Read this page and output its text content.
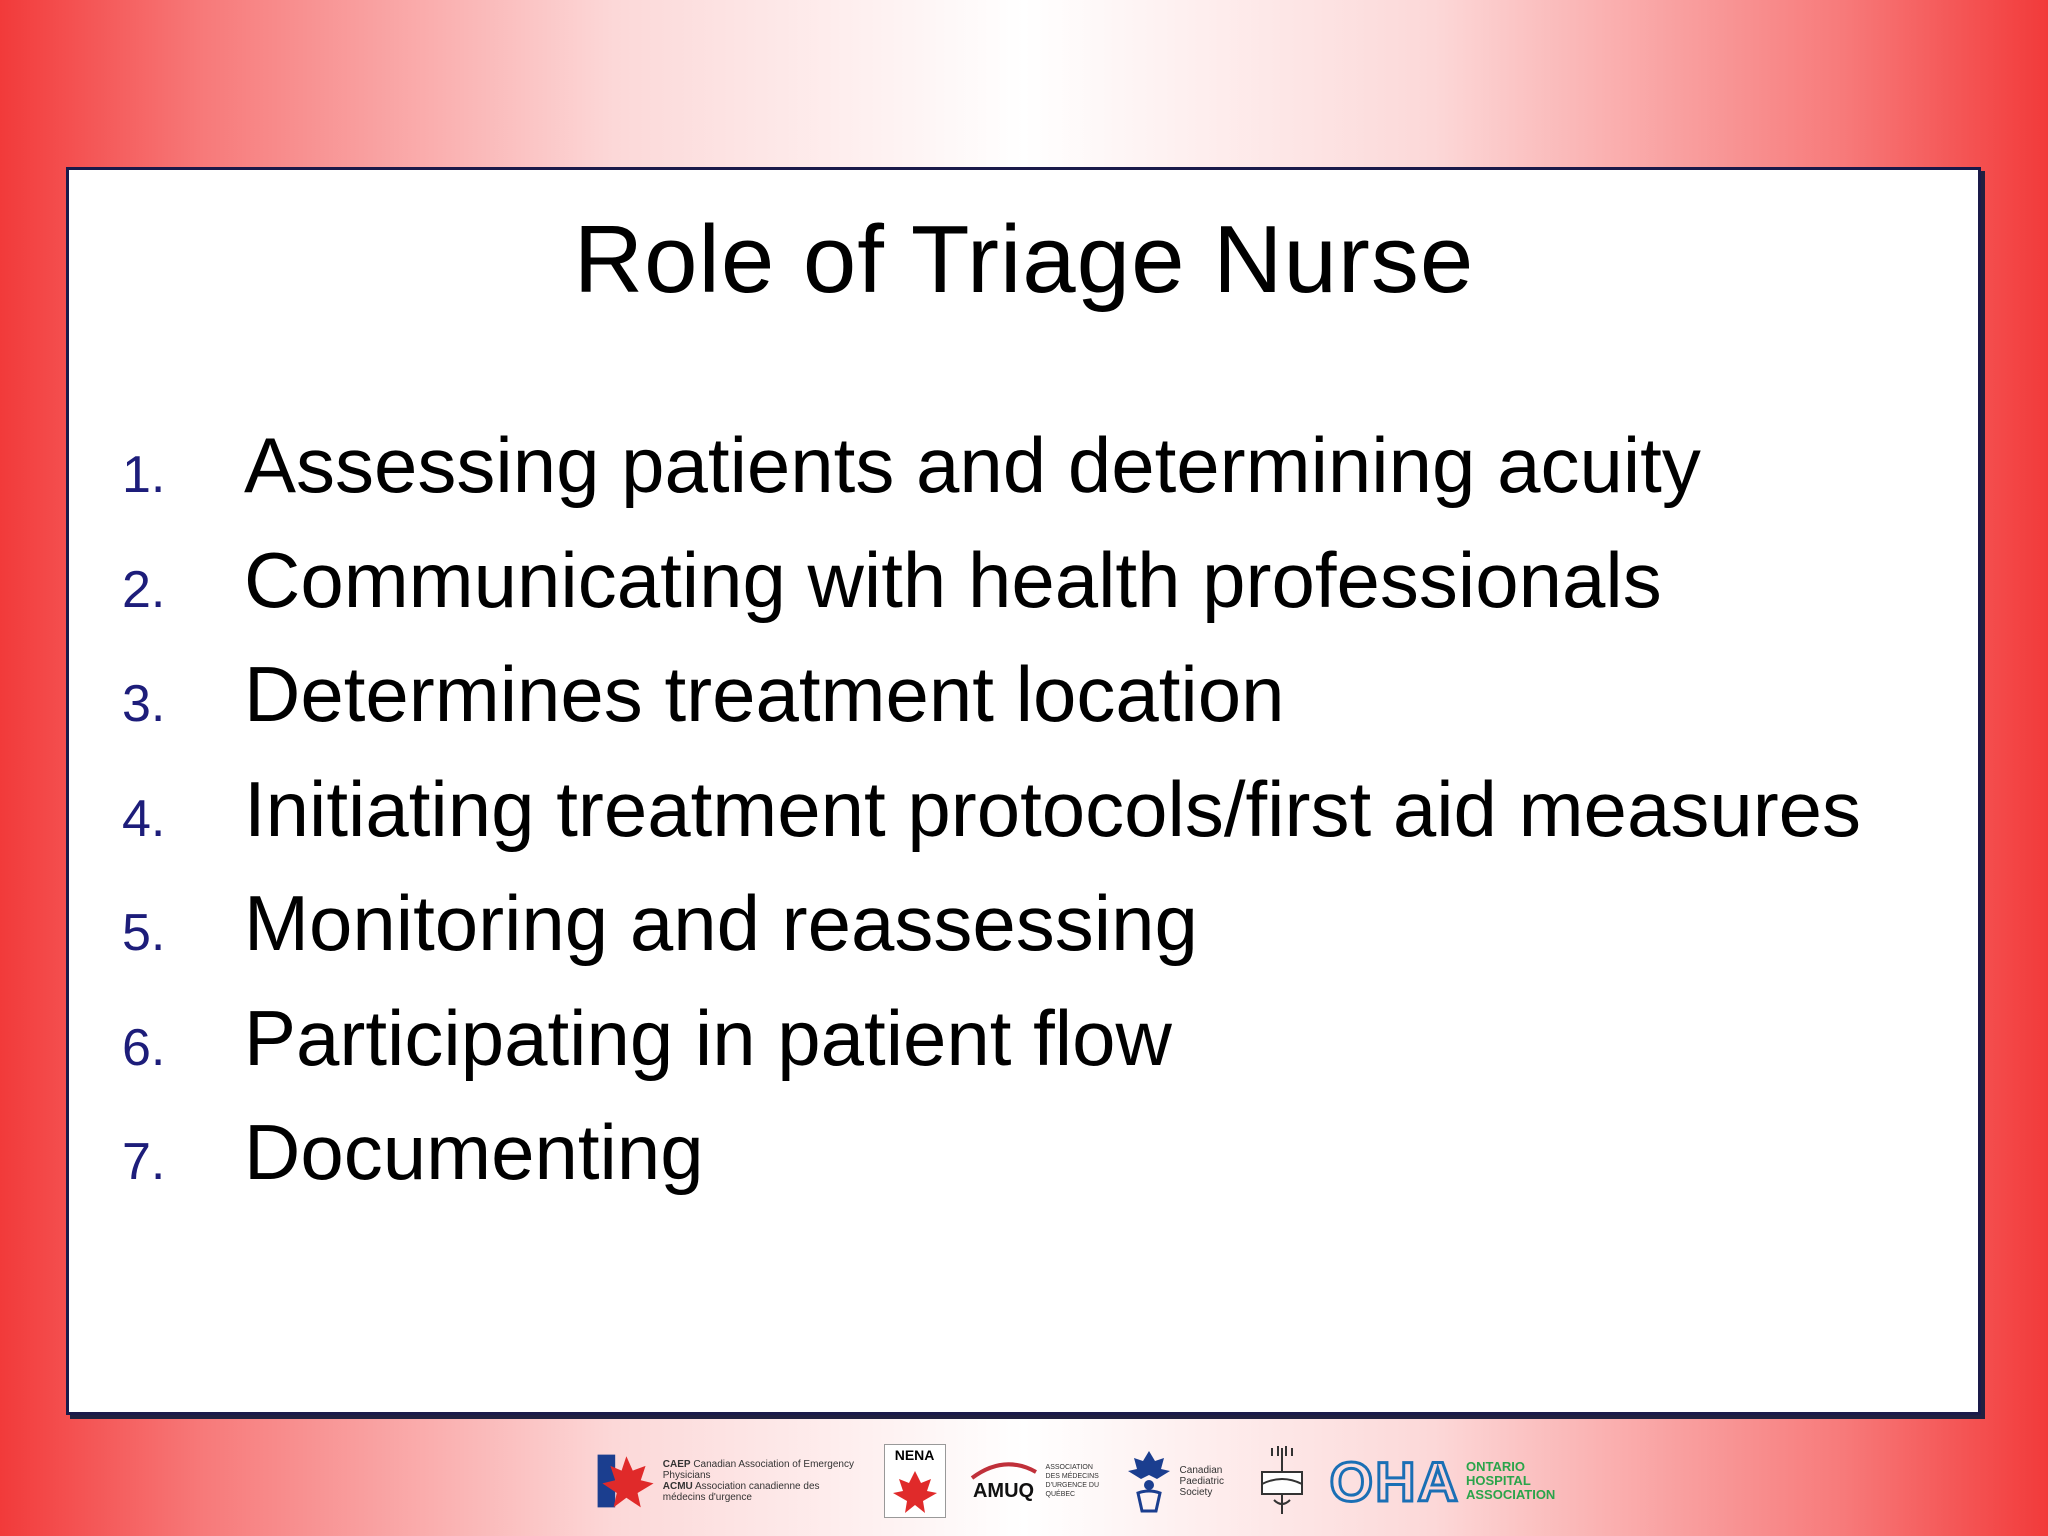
Role of Triage Nurse
1.	Assessing patients and determining acuity
2.	Communicating with health professionals
3.	Determines treatment location
4.	Initiating treatment protocols/first aid measures
5.	Monitoring and reassessing
6.	Participating in patient flow
7.	Documenting
CAEP Canadian Association of Emergency Physicians
ACMU Association canadienne des médecins d'urgence
NENA
AMUQ
ASSOCIATION DES MÉDECINS D'URGENCE DU QUÉBEC
Canadian Paediatric Society	OHA ONTARIO HOSPITAL ASSOCIATION
